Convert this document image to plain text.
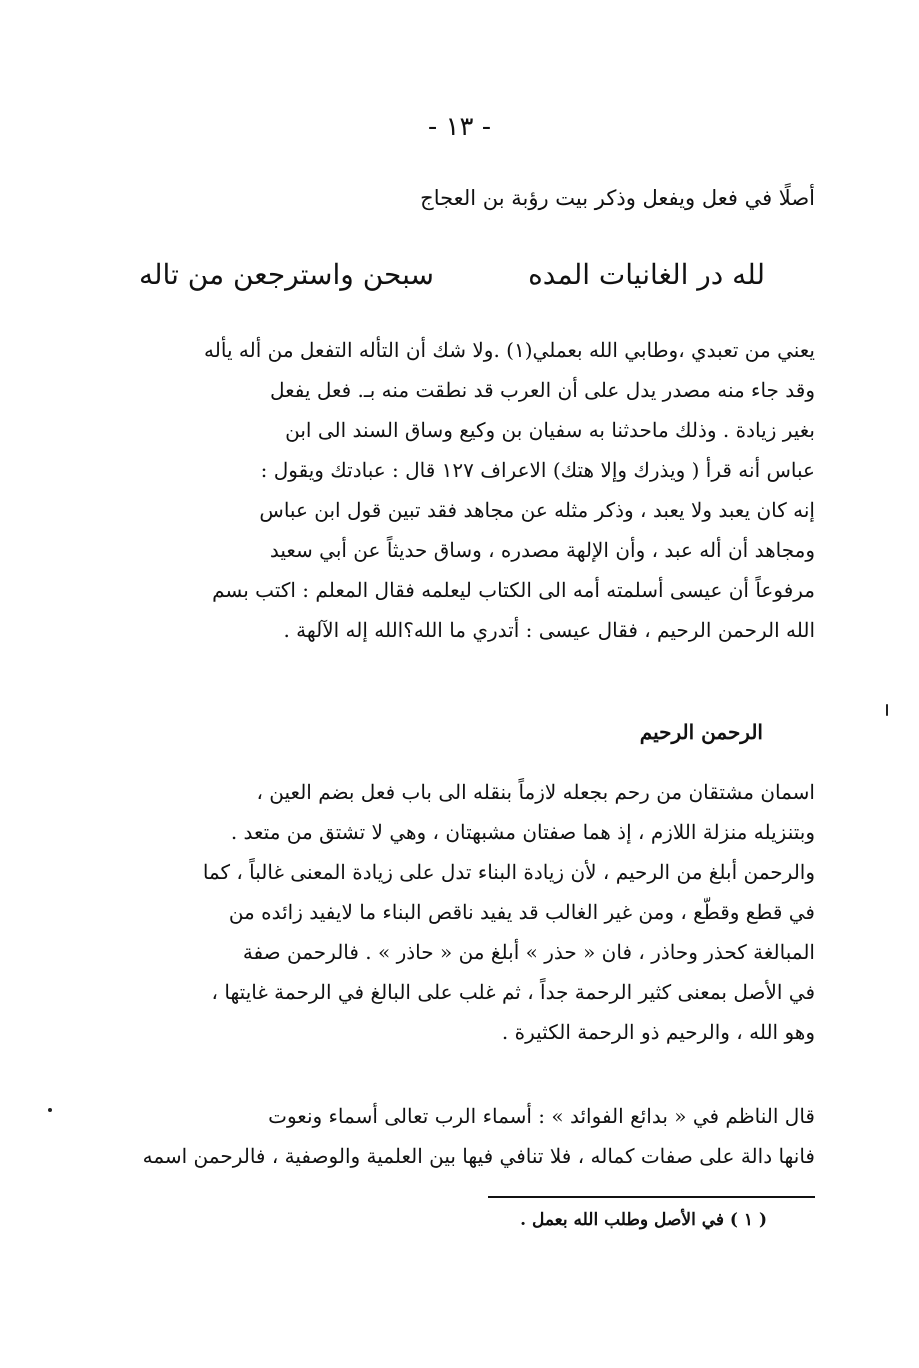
- ١٣ -
أصلًا في فعل ويفعل وذكر بيت رؤبة بن العجاج
لله در الغانيات المده
سبحن واسترجعن من تاله
يعني من تعبدي ،وطابي الله بعملي(١) .ولا شك أن التأله التفعل من أله يأله
وقد جاء منه مصدر يدل على أن العرب قد نطقت منه بـ. فعل يفعل
بغير زيادة . وذلك ماحدثنا به سفيان بن وكيع وساق السند الى ابن
عباس أنه قرأ ( ويذرك وإلا هتك) الاعراف ١٢٧ قال : عبادتك ويقول :
إنه كان يعبد ولا يعبد ، وذكر مثله عن مجاهد فقد تبين قول ابن عباس
ومجاهد أن أله عبد ، وأن الإلهة مصدره ، وساق حديثاً عن أبي سعيد
مرفوعاً أن عيسى أسلمته أمه الى الكتاب ليعلمه فقال المعلم : اكتب بسم
الله الرحمن الرحيم ، فقال عيسى : أتدري ما الله؟الله إله الآلهة .
الرحمن الرحيم
اسمان مشتقان من رحم بجعله لازماً بنقله الى باب فعل بضم العين ،
وبتنزيله منزلة اللازم ، إذ هما صفتان مشبهتان ، وهي لا تشتق من متعد .
والرحمن أبلغ من الرحيم ، لأن زيادة البناء تدل على زيادة المعنى غالباً ، كما
في قطع وقطّع ، ومن غير الغالب قد يفيد ناقص البناء ما لايفيد زائده من
المبالغة كحذر وحاذر ، فان « حذر » أبلغ من « حاذر » . فالرحمن صفة
في الأصل بمعنى كثير الرحمة جداً ، ثم غلب على البالغ في الرحمة غايتها ،
وهو الله ، والرحيم ذو الرحمة الكثيرة .
قال الناظم في « بدائع الفوائد » : أسماء الرب تعالى أسماء ونعوت
فانها دالة على صفات كماله ، فلا تنافي فيها بين العلمية والوصفية ، فالرحمن اسمه
( ١ ) في الأصل وطلب الله بعمل .
